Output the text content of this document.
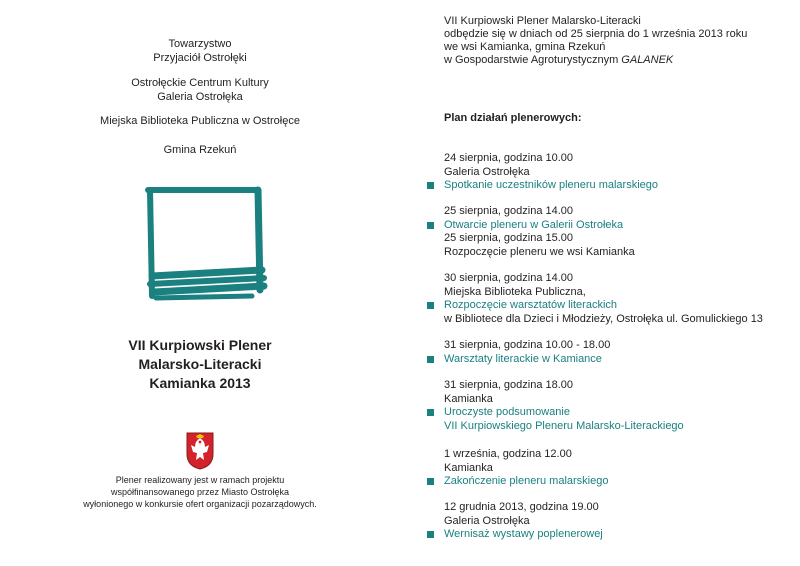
Towarzystwo
Przyjaciół Ostrołęki
Ostrołęckie Centrum Kultury
Galeria Ostrołęka
Miejska Biblioteka Publiczna w Ostrołęce
Gmina Rzekuń
VII Kurpiowski Plener
Malarsko-Literacki
Kamianka 2013
Plener realizowany jest w ramach projektu
współfinansowanego przez Miasto Ostrołęka
wyłonionego w konkursie ofert organizacji pozarządowych.
VII Kurpiowski Plener Malarsko-Literacki
odbędzie się w dniach od 25 sierpnia do 1 września 2013 roku
we wsi Kamianka, gmina Rzekuń
w Gospodarstwie Agroturystycznym GALANEK
Plan działań plenerowych:
24 sierpnia, godzina 10.00
Galeria Ostrołęka
Spotkanie uczestników pleneru malarskiego
25 sierpnia, godzina 14.00
Otwarcie pleneru w Galerii Ostrołeka
25 sierpnia, godzina 15.00
Rozpoczęcie pleneru we wsi Kamianka
30 sierpnia, godzina 14.00
Miejska Biblioteka Publiczna,
Rozpoczęcie warsztatów literackich
w Bibliotece dla Dzieci i Młodzieży, Ostrołęka ul. Gomulickiego 13
31 sierpnia, godzina 10.00 - 18.00
Warsztaty literackie w Kamiance
31 sierpnia, godzina 18.00
Kamianka
Uroczyste podsumowanie
VII Kurpiowskiego Pleneru Malarsko-Literackiego
1 września, godzina 12.00
Kamianka
Zakończenie pleneru malarskiego
12 grudnia 2013, godzina 19.00
Galeria Ostrołęka
Wernisaż wystawy poplenerowej
